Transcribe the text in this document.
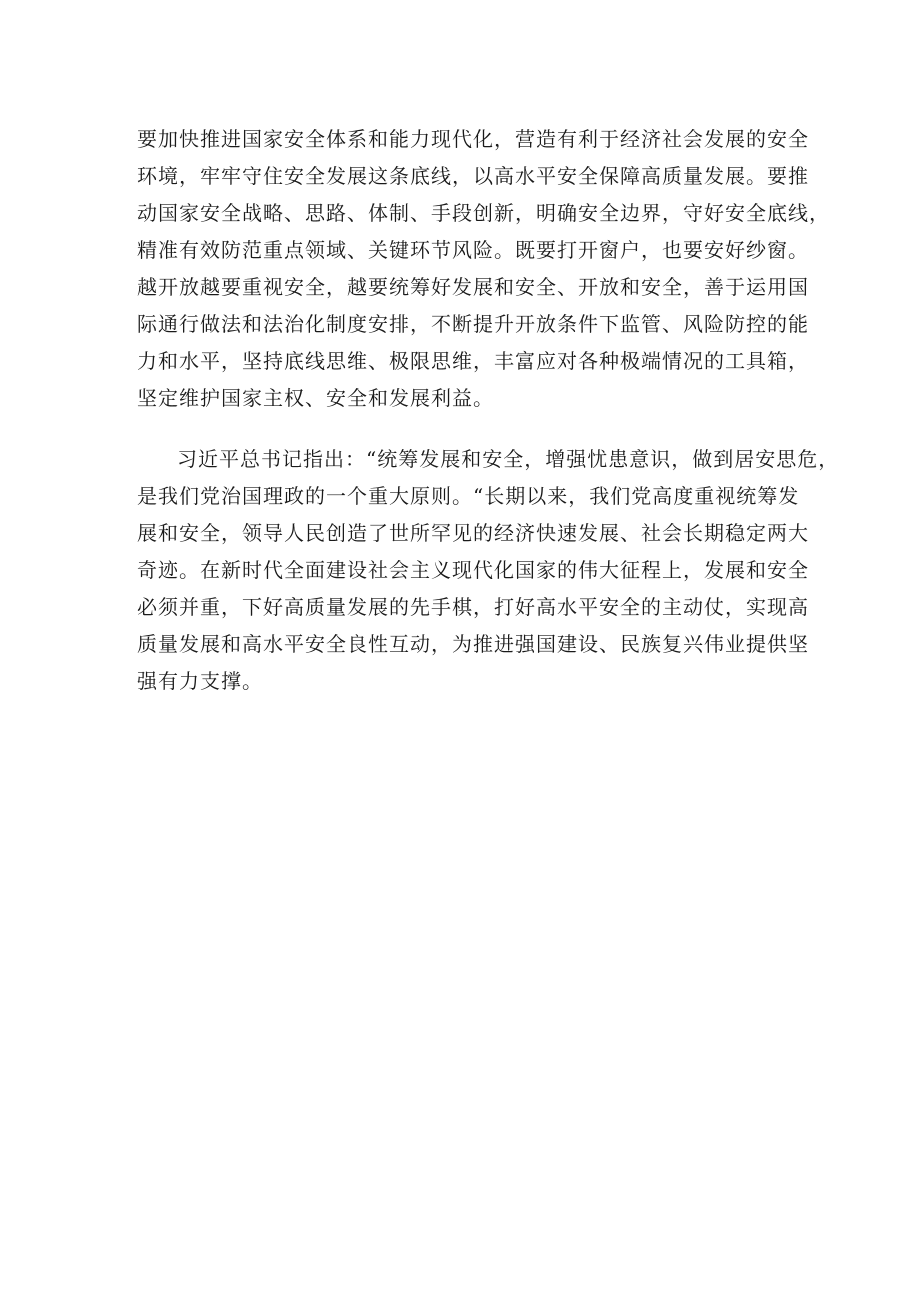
要加快推进国家安全体系和能力现代化，营造有利于经济社会发展的安全
环境，牢牢守住安全发展这条底线，以高水平安全保障高质量发展。要推
动国家安全战略、思路、体制、手段创新，明确安全边界，守好安全底线，
精准有效防范重点领域、关键环节风险。既要打开窗户，也要安好纱窗。
越开放越要重视安全，越要统筹好发展和安全、开放和安全，善于运用国
际通行做法和法治化制度安排，不断提升开放条件下监管、风险防控的能
力和水平，坚持底线思维、极限思维，丰富应对各种极端情况的工具箱，
坚定维护国家主权、安全和发展利益。
习近平总书记指出：“统筹发展和安全，增强忧患意识，做到居安思危，
是我们党治国理政的一个重大原则。“长期以来，我们党高度重视统筹发
展和安全，领导人民创造了世所罕见的经济快速发展、社会长期稳定两大
奇迹。在新时代全面建设社会主义现代化国家的伟大征程上，发展和安全
必须并重，下好高质量发展的先手棋，打好高水平安全的主动仗，实现高
质量发展和高水平安全良性互动，为推进强国建设、民族复兴伟业提供坚
强有力支撑。
